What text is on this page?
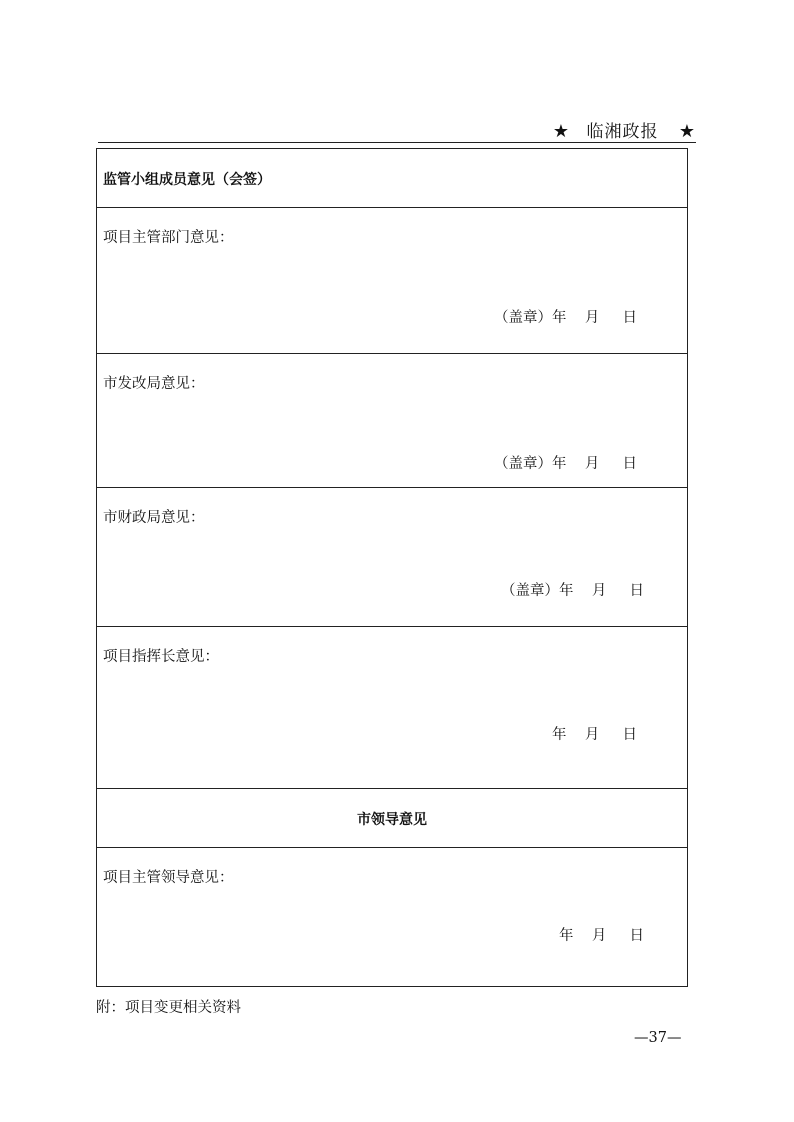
★ 临湘政报 ★
监管小组成员意见（会签）
项目主管部门意见：
（盖章）年    月     日
市发改局意见：
（盖章）年    月     日
市财政局意见：
（盖章）年    月     日
项目指挥长意见：
年    月     日
市领导意见
项目主管领导意见：
年    月     日
附：项目变更相关资料
—37—
